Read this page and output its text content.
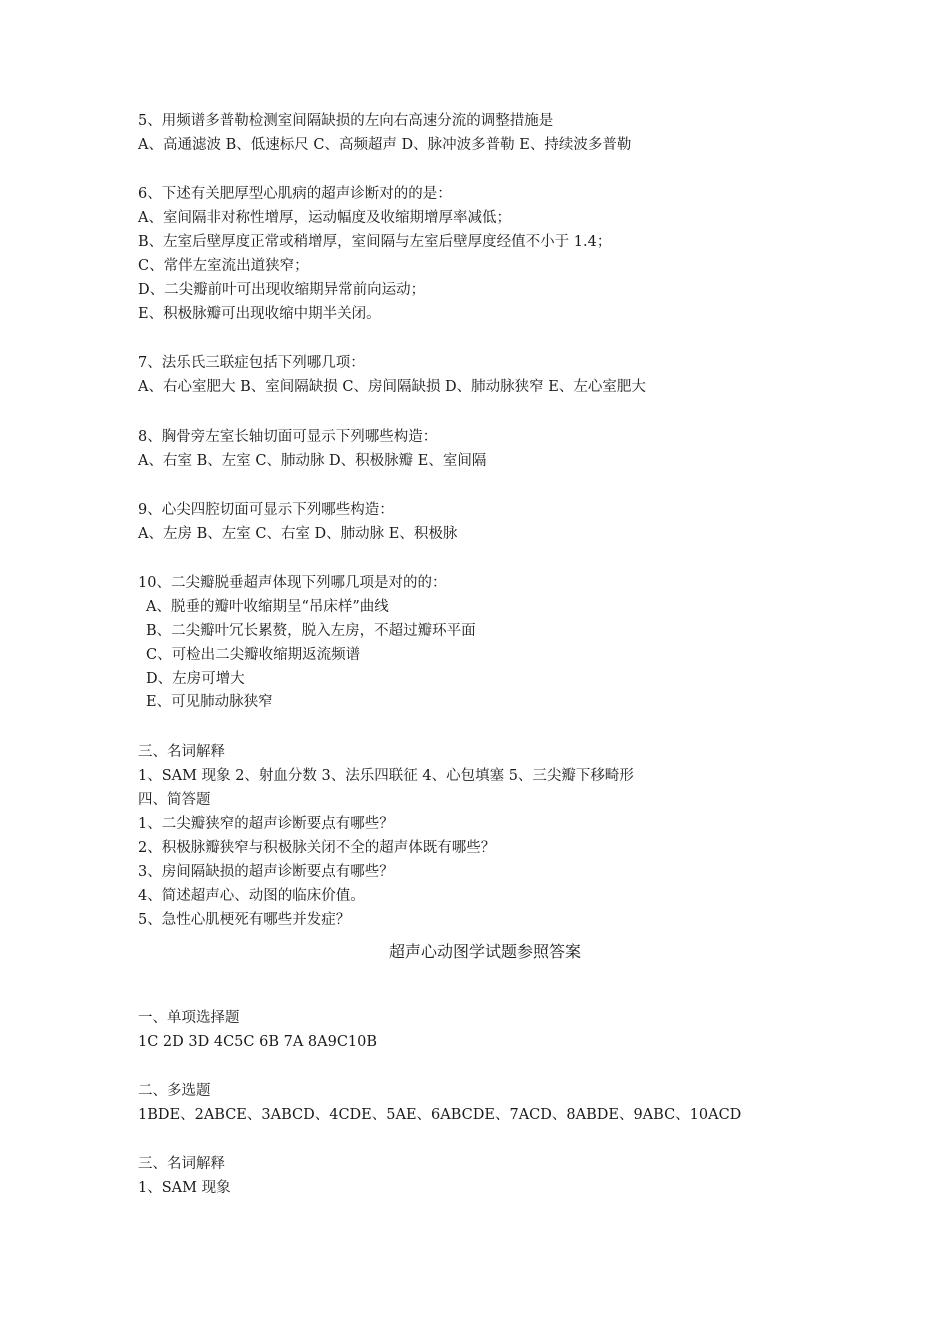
5、用频谱多普勒检测室间隔缺损的左向右高速分流的调整措施是
A、高通滤波 B、低速标尺 C、高频超声 D、脉冲波多普勒 E、持续波多普勒
6、下述有关肥厚型心肌病的超声诊断对的的是：
A、室间隔非对称性增厚，运动幅度及收缩期增厚率减低；
B、左室后壁厚度正常或稍增厚，室间隔与左室后壁厚度经值不小于 1.4；
C、常伴左室流出道狭窄；
D、二尖瓣前叶可出现收缩期异常前向运动；
E、积极脉瓣可出现收缩中期半关闭。
7、法乐氏三联症包括下列哪几项：
A、右心室肥大 B、室间隔缺损 C、房间隔缺损 D、肺动脉狭窄 E、左心室肥大
8、胸骨旁左室长轴切面可显示下列哪些构造：
A、右室 B、左室 C、肺动脉 D、积极脉瓣 E、室间隔
9、心尖四腔切面可显示下列哪些构造：
A、左房 B、左室 C、右室 D、肺动脉 E、积极脉
10、二尖瓣脱垂超声体现下列哪几项是对的的：
A、脱垂的瓣叶收缩期呈“吊床样”曲线
B、二尖瓣叶冗长累赘，脱入左房，不超过瓣环平面
C、可检出二尖瓣收缩期返流频谱
D、左房可增大
E、可见肺动脉狭窄
三、名词解释
1、SAM 现象 2、射血分数 3、法乐四联征 4、心包填塞 5、三尖瓣下移畸形
四、简答题
1、二尖瓣狭窄的超声诊断要点有哪些？
2、积极脉瓣狭窄与积极脉关闭不全的超声体既有哪些？
3、房间隔缺损的超声诊断要点有哪些？
4、简述超声心、动图的临床价值。
5、急性心肌梗死有哪些并发症？
超声心动图学试题参照答案
一、单项选择题
1C 2D 3D 4C5C 6B 7A 8A9C10B
二、多选题
1BDE、2ABCE、3ABCD、4CDE、5AE、6ABCDE、7ACD、8ABDE、9ABC、10ACD
三、名词解释
1、SAM 现象
